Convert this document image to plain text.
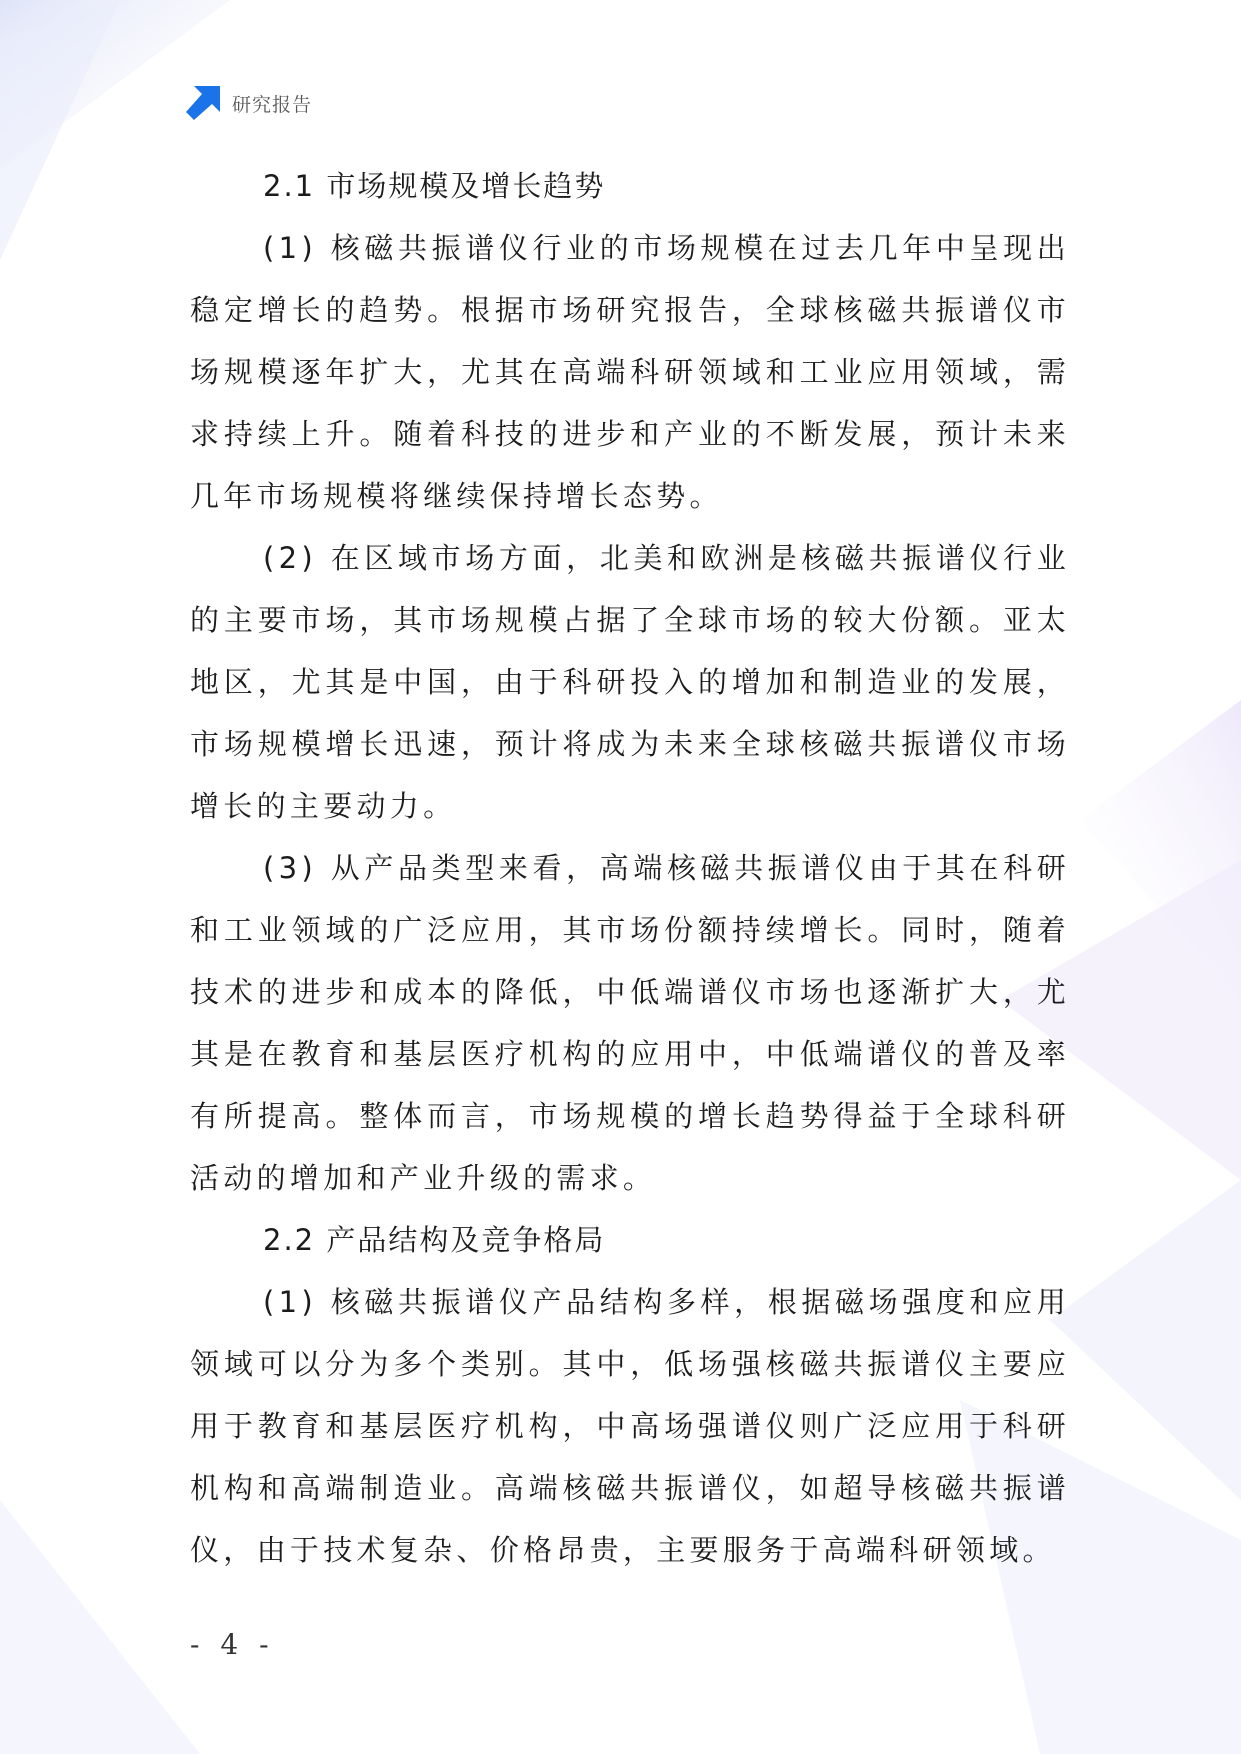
研究报告

2.1 市场规模及增长趋势

(1) 核磁共振谱仪行业的市场规模在过去几年中呈现出稳定增长的趋势。根据市场研究报告，全球核磁共振谱仪市场规模逐年扩大，尤其在高端科研领域和工业应用领域，需求持续上升。随着科技的进步和产业的不断发展，预计未来几年市场规模将继续保持增长态势。

(2) 在区域市场方面，北美和欧洲是核磁共振谱仪行业的主要市场，其市场规模占据了全球市场的较大份额。亚太地区，尤其是中国，由于科研投入的增加和制造业的发展，市场规模增长迅速，预计将成为未来全球核磁共振谱仪市场增长的主要动力。

(3) 从产品类型来看，高端核磁共振谱仪由于其在科研和工业领域的广泛应用，其市场份额持续增长。同时，随着技术的进步和成本的降低，中低端谱仪市场也逐渐扩大，尤其是在教育和基层医疗机构的应用中，中低端谱仪的普及率有所提高。整体而言，市场规模的增长趋势得益于全球科研活动的增加和产业升级的需求。

2.2 产品结构及竞争格局

(1) 核磁共振谱仪产品结构多样，根据磁场强度和应用领域可以分为多个类别。其中，低场强核磁共振谱仪主要应用于教育和基层医疗机构，中高场强谱仪则广泛应用于科研机构和高端制造业。高端核磁共振谱仪，如超导核磁共振谱仪，由于技术复杂、价格昂贵，主要服务于高端科研领域。

- 4 -
